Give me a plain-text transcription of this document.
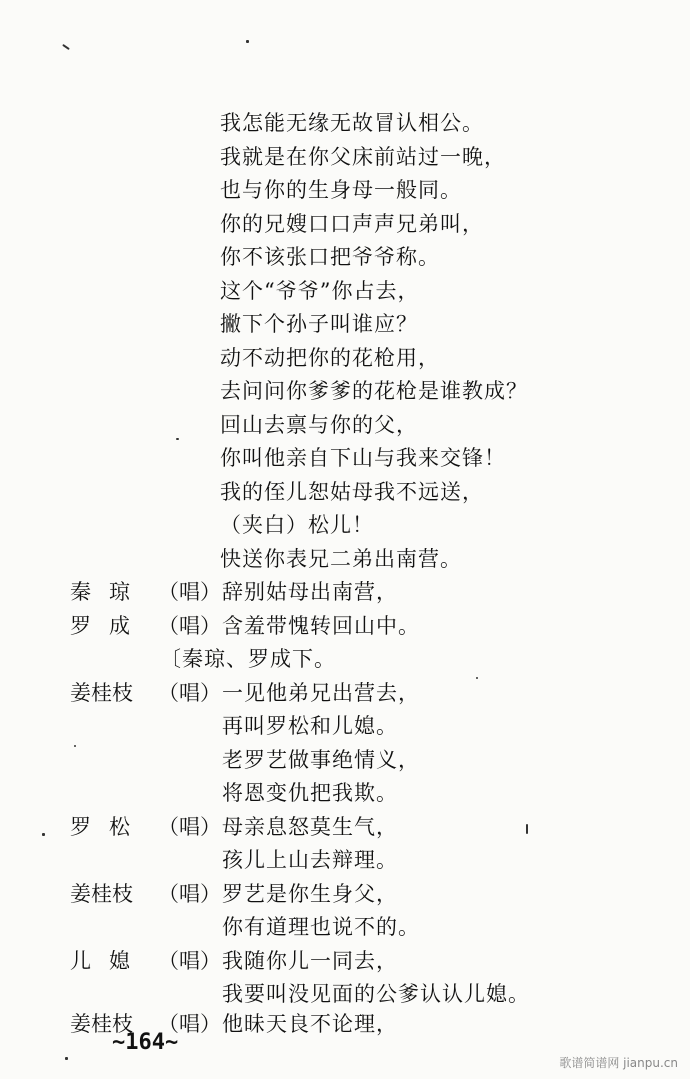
我怎能无缘无故冒认相公。
我就是在你父床前站过一晚，
也与你的生身母一般同。
你的兄嫂口口声声兄弟叫，
你不该张口把爷爷称。
这个“爷爷”你占去，
撇下个孙子叫谁应？
动不动把你的花枪用，
去问问你爹爹的花枪是谁教成？
回山去禀与你的父，
你叫他亲自下山与我来交锋！
我的侄儿恕姑母我不远送，
（夹白）松儿！
快送你表兄二弟出南营。
秦琼 （唱） 辞别姑母出南营，
罗成 （唱） 含羞带愧转回山中。
〔秦琼、罗成下。
姜桂枝 （唱） 一见他弟兄出营去，
再叫罗松和儿媳。
老罗艺做事绝情义，
将恩变仇把我欺。
罗松 （唱） 母亲息怒莫生气，
孩儿上山去辩理。
姜桂枝 （唱） 罗艺是你生身父，
你有道理也说不的。
儿媳 （唱） 我随你儿一同去，
我要叫没见面的公爹认认儿媳。
姜桂枝 （唱） 他昧天良不论理，
~164~
歌谱简谱网 jianpu.cn
